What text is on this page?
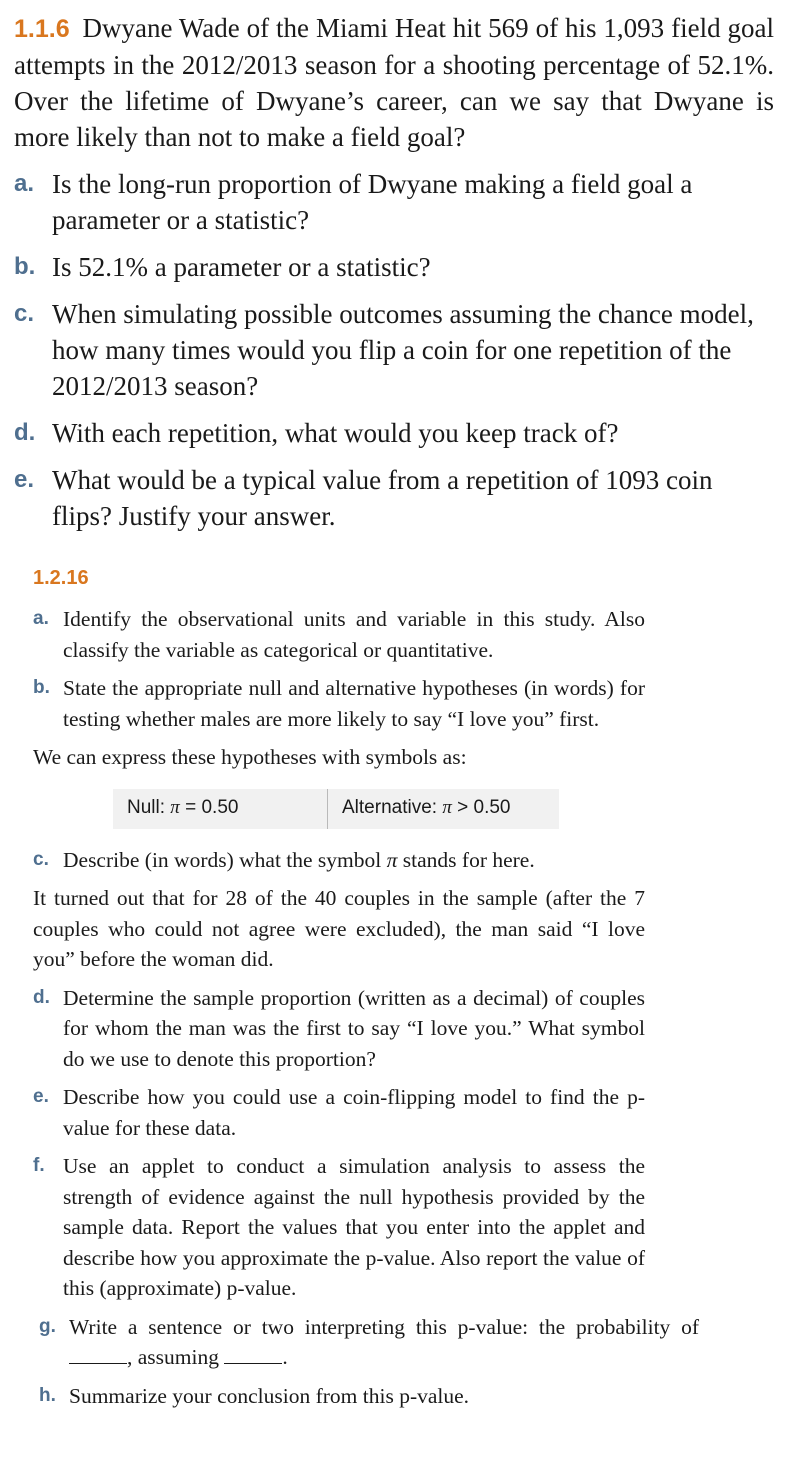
1.1.6 Dwyane Wade of the Miami Heat hit 569 of his 1,093 field goal attempts in the 2012/2013 season for a shooting percentage of 52.1%. Over the lifetime of Dwyane’s career, can we say that Dwyane is more likely than not to make a field goal?
a. Is the long-run proportion of Dwyane making a field goal a parameter or a statistic?
b. Is 52.1% a parameter or a statistic?
c. When simulating possible outcomes assuming the chance model, how many times would you flip a coin for one repetition of the 2012/2013 season?
d. With each repetition, what would you keep track of?
e. What would be a typical value from a repetition of 1093 coin flips? Justify your answer.
1.2.16
a. Identify the observational units and variable in this study. Also classify the variable as categorical or quantitative.
b. State the appropriate null and alternative hypotheses (in words) for testing whether males are more likely to say “I love you” first.
We can express these hypotheses with symbols as:
Null:
π
= 0.50	Alternative:
π
> 0.50
c. Describe (in words) what the symbol π stands for here.
It turned out that for 28 of the 40 couples in the sample (after the 7 couples who could not agree were excluded), the man said “I love you” before the woman did.
d. Determine the sample proportion (written as a decimal) of couples for whom the man was the first to say “I love you.” What symbol do we use to denote this proportion?
e. Describe how you could use a coin-flipping model to find the p-value for these data.
f. Use an applet to conduct a simulation analysis to assess the strength of evidence against the null hypothesis provided by the sample data. Report the values that you enter into the applet and describe how you approximate the p-value. Also report the value of this (approximate) p-value.
g. Write a sentence or two interpreting this p-value: the probability of , assuming	.
h. Summarize your conclusion from this p-value.
